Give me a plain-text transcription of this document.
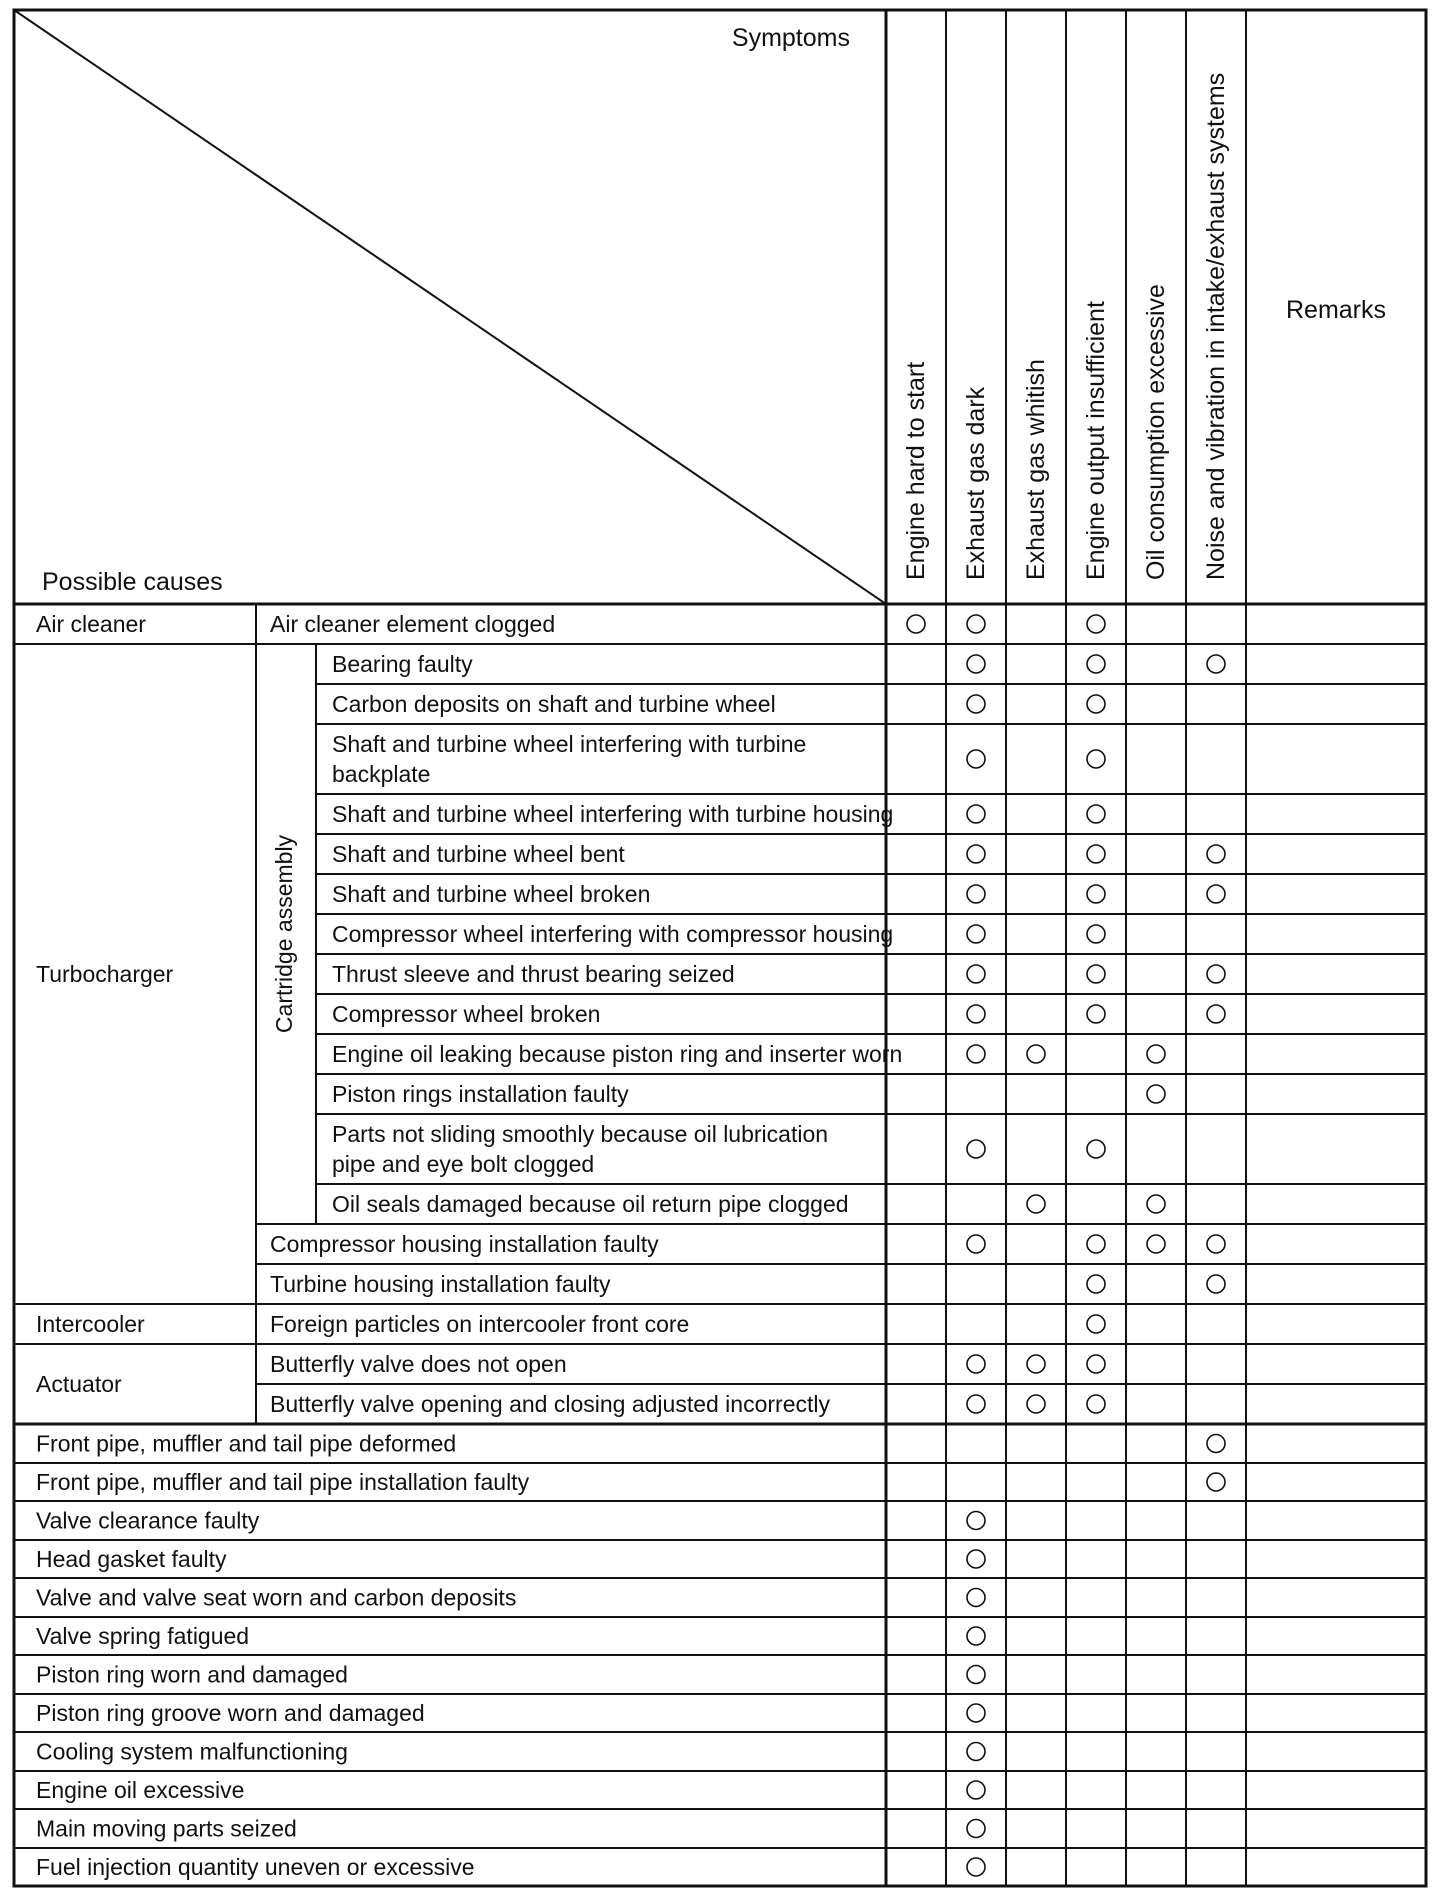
Symptoms
Possible causes
Remarks
Engine hard to start Exhaust gas dark Exhaust gas whitish Engine output insufficient Oil consumption excessive Noise and vibration in intake/exhaust systems
Air cleaner
Turbocharger
Intercooler
Actuator
Cartridge assembly
Air cleaner element clogged
Bearing faulty
Carbon deposits on shaft and turbine wheel
Shaft and turbine wheel interfering with turbine
backplate
Shaft and turbine wheel interfering with turbine housing
Shaft and turbine wheel bent
Shaft and turbine wheel broken
Compressor wheel interfering with compressor housing
Thrust sleeve and thrust bearing seized
Compressor wheel broken
Engine oil leaking because piston ring and inserter worn
Piston rings installation faulty
Parts not sliding smoothly because oil lubrication
pipe and eye bolt clogged
Oil seals damaged because oil return pipe clogged
Compressor housing installation faulty
Turbine housing installation faulty
Foreign particles on intercooler front core
Butterfly valve does not open
Butterfly valve opening and closing adjusted incorrectly
Front pipe, muffler and tail pipe deformed
Front pipe, muffler and tail pipe installation faulty
Valve clearance faulty
Head gasket faulty
Valve and valve seat worn and carbon deposits
Valve spring fatigued
Piston ring worn and damaged
Piston ring groove worn and damaged
Cooling system malfunctioning
Engine oil excessive
Main moving parts seized
Fuel injection quantity uneven or excessive
